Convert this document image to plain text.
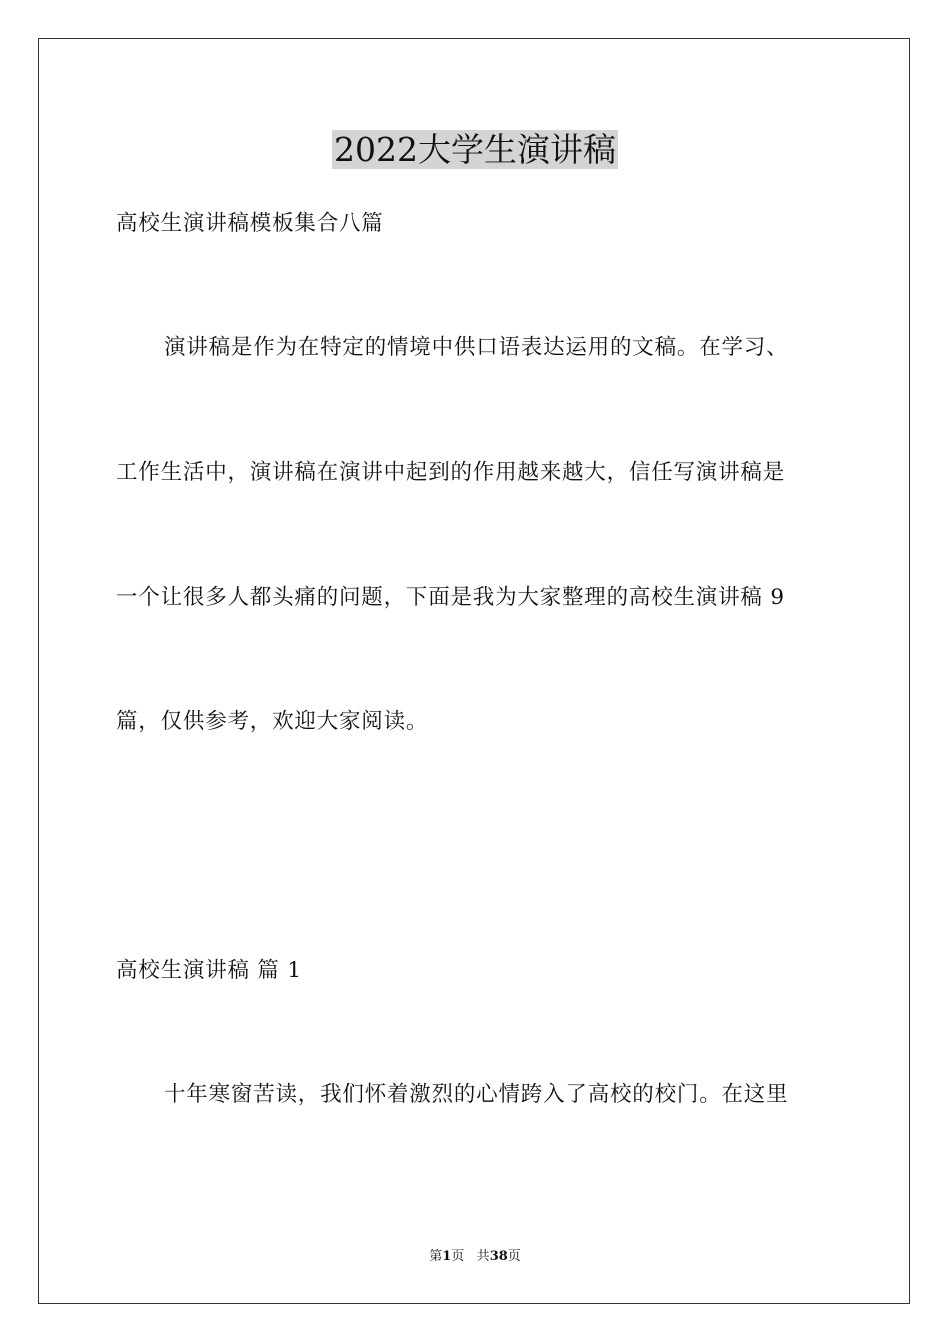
2022大学生演讲稿

高校生演讲稿模板集合八篇

演讲稿是作为在特定的情境中供口语表达运用的文稿。在学习、

工作生活中，演讲稿在演讲中起到的作用越来越大，信任写演讲稿是

一个让很多人都头痛的问题，下面是我为大家整理的高校生演讲稿 9

篇，仅供参考，欢迎大家阅读。

高校生演讲稿 篇 1

十年寒窗苦读，我们怀着激烈的心情跨入了高校的校门。在这里

第1页 共38页
